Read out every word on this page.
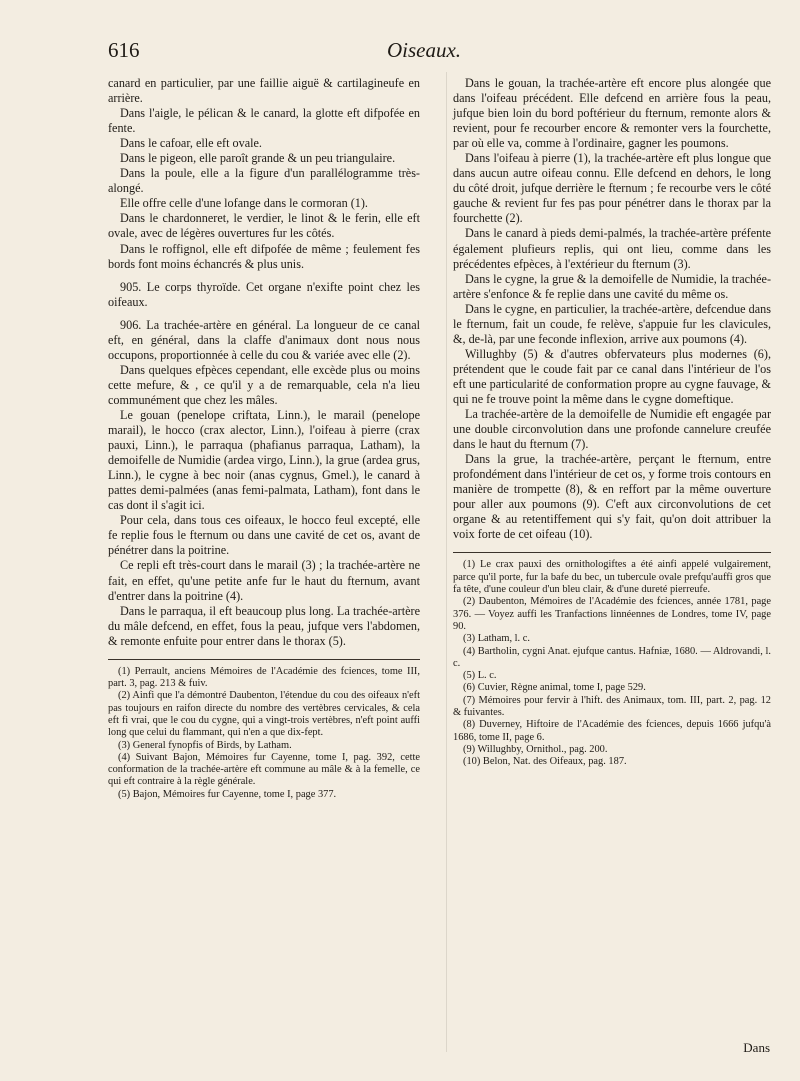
616	Oiseaux.

canard en particulier, par une faillie aiguë & cartilagineufe en arrière.

Dans l'aigle, le pélican & le canard, la glotte eft difpofée en fente.

Dans le cafoar, elle eft ovale.

Dans le pigeon, elle paroît grande & un peu triangulaire.

Dans la poule, elle a la figure d'un parallélogramme très-alongé.

Elle offre celle d'une lofange dans le cormoran (1).

Dans le chardonneret, le verdier, le linot & le ferin, elle eft ovale, avec de légères ouvertures fur les côtés.

Dans le roffignol, elle eft difpofée de même ; feulement fes bords font moins échancrés & plus unis.

905. Le corps thyroïde. Cet organe n'exifte point chez les oifeaux.

906. La trachée-artère en général. La longueur de ce canal eft, en général, dans la claffe d'animaux dont nous nous occupons, proportionnée à celle du cou & variée avec elle (2).

Dans quelques efpèces cependant, elle excède plus ou moins cette mefure, & , ce qu'il y a de remarquable, cela n'a lieu communément que chez les mâles.

Le gouan (penelope criftata, Linn.), le marail (penelope marail), le hocco (crax alector, Linn.), l'oifeau à pierre (crax pauxi, Linn.), le parraqua (phafianus parraqua, Latham), la demoifelle de Numidie (ardea virgo, Linn.), la grue (ardea grus, Linn.), le cygne à bec noir (anas cygnus, Gmel.), le canard à pattes demi-palmées (anas femi-palmata, Latham), font dans le cas dont il s'agit ici.

Pour cela, dans tous ces oifeaux, le hocco feul excepté, elle fe replie fous le fternum ou dans une cavité de cet os, avant de pénétrer dans la poitrine.

Ce repli eft très-court dans le marail (3) ; la trachée-artère ne fait, en effet, qu'une petite anfe fur le haut du fternum, avant d'entrer dans la poitrine (4).

Dans le parraqua, il eft beaucoup plus long. La trachée-artère du mâle defcend, en effet, fous la peau, jufque vers l'abdomen, & remonte enfuite pour entrer dans le thorax (5).

(1) Perrault, anciens Mémoires de l'Académie des fciences, tome III, part. 3, pag. 213 & fuiv.

(2) Ainfi que l'a démontré Daubenton, l'étendue du cou des oifeaux n'eft pas toujours en raifon directe du nombre des vertèbres cervicales, & cela eft fi vrai, que le cou du cygne, qui a vingt-trois vertèbres, n'eft point auffi long que celui du flammant, qui n'en a que dix-fept.

(3) General fynopfis of Birds, by Latham.

(4) Suivant Bajon, Mémoires fur Cayenne, tome I, pag. 392, cette conformation de la trachée-artère eft commune au mâle & à la femelle, ce qui eft contraire à la règle générale.

(5) Bajon, Mémoires fur Cayenne, tome I, page 377.

Dans le gouan, la trachée-artère eft encore plus alongée que dans l'oifeau précédent. Elle defcend en arrière fous la peau, jufque bien loin du bord poftérieur du fternum, remonte alors & revient, pour fe recourber encore & remonter vers la fourchette, par où elle va, comme à l'ordinaire, gagner les poumons.

Dans l'oifeau à pierre (1), la trachée-artère eft plus longue que dans aucun autre oifeau connu. Elle defcend en dehors, le long du côté droit, jufque derrière le fternum ; fe recourbe vers le côté gauche & revient fur fes pas pour pénétrer dans le thorax par la fourchette (2).

Dans le canard à pieds demi-palmés, la trachée-artère préfente également plufieurs replis, qui ont lieu, comme dans les précédentes efpèces, à l'extérieur du fternum (3).

Dans le cygne, la grue & la demoifelle de Numidie, la trachée-artère s'enfonce & fe replie dans une cavité du même os.

Dans le cygne, en particulier, la trachée-artère, defcendue dans le fternum, fait un coude, fe relève, s'appuie fur les clavicules, &, de-là, par une feconde inflexion, arrive aux poumons (4).

Willughby (5) & d'autres obfervateurs plus modernes (6), prétendent que le coude fait par ce canal dans l'intérieur de l'os eft une particularité de conformation propre au cygne fauvage, & qui ne fe trouve point la même dans le cygne domeftique.

La trachée-artère de la demoifelle de Numidie eft engagée par une double circonvolution dans une profonde cannelure creufée dans le haut du fternum (7).

Dans la grue, la trachée-artère, perçant le fternum, entre profondément dans l'intérieur de cet os, y forme trois contours en manière de trompette (8), & en reffort par la même ouverture pour aller aux poumons (9). C'eft aux circonvolutions de cet organe & au retentiffement qui s'y fait, qu'on doit attribuer la voix forte de cet oifeau (10).

(1) Le crax pauxi des ornithologiftes a été ainfi appelé vulgairement, parce qu'il porte, fur la bafe du bec, un tubercule ovale prefqu'auffi gros que fa tête, d'une couleur d'un bleu clair, & d'une dureté pierreufe.

(2) Daubenton, Mémoires de l'Académie des fciences, année 1781, page 376. — Voyez auffi les Tranfactions linnéennes de Londres, tome IV, page 90.

(3) Latham, l. c.

(4) Bartholin, cygni Anat. ejufque cantus. Hafniæ, 1680. — Aldrovandi, l. c.

(5) L. c.

(6) Cuvier, Règne animal, tome I, page 529.

(7) Mémoires pour fervir à l'hift. des Animaux, tom. III, part. 2, pag. 12 & fuivantes.

(8) Duverney, Hiftoire de l'Académie des fciences, depuis 1666 jufqu'à 1686, tome II, page 6.

(9) Willughby, Ornithol., pag. 200.

(10) Belon, Nat. des Oifeaux, pag. 187.

Dans
